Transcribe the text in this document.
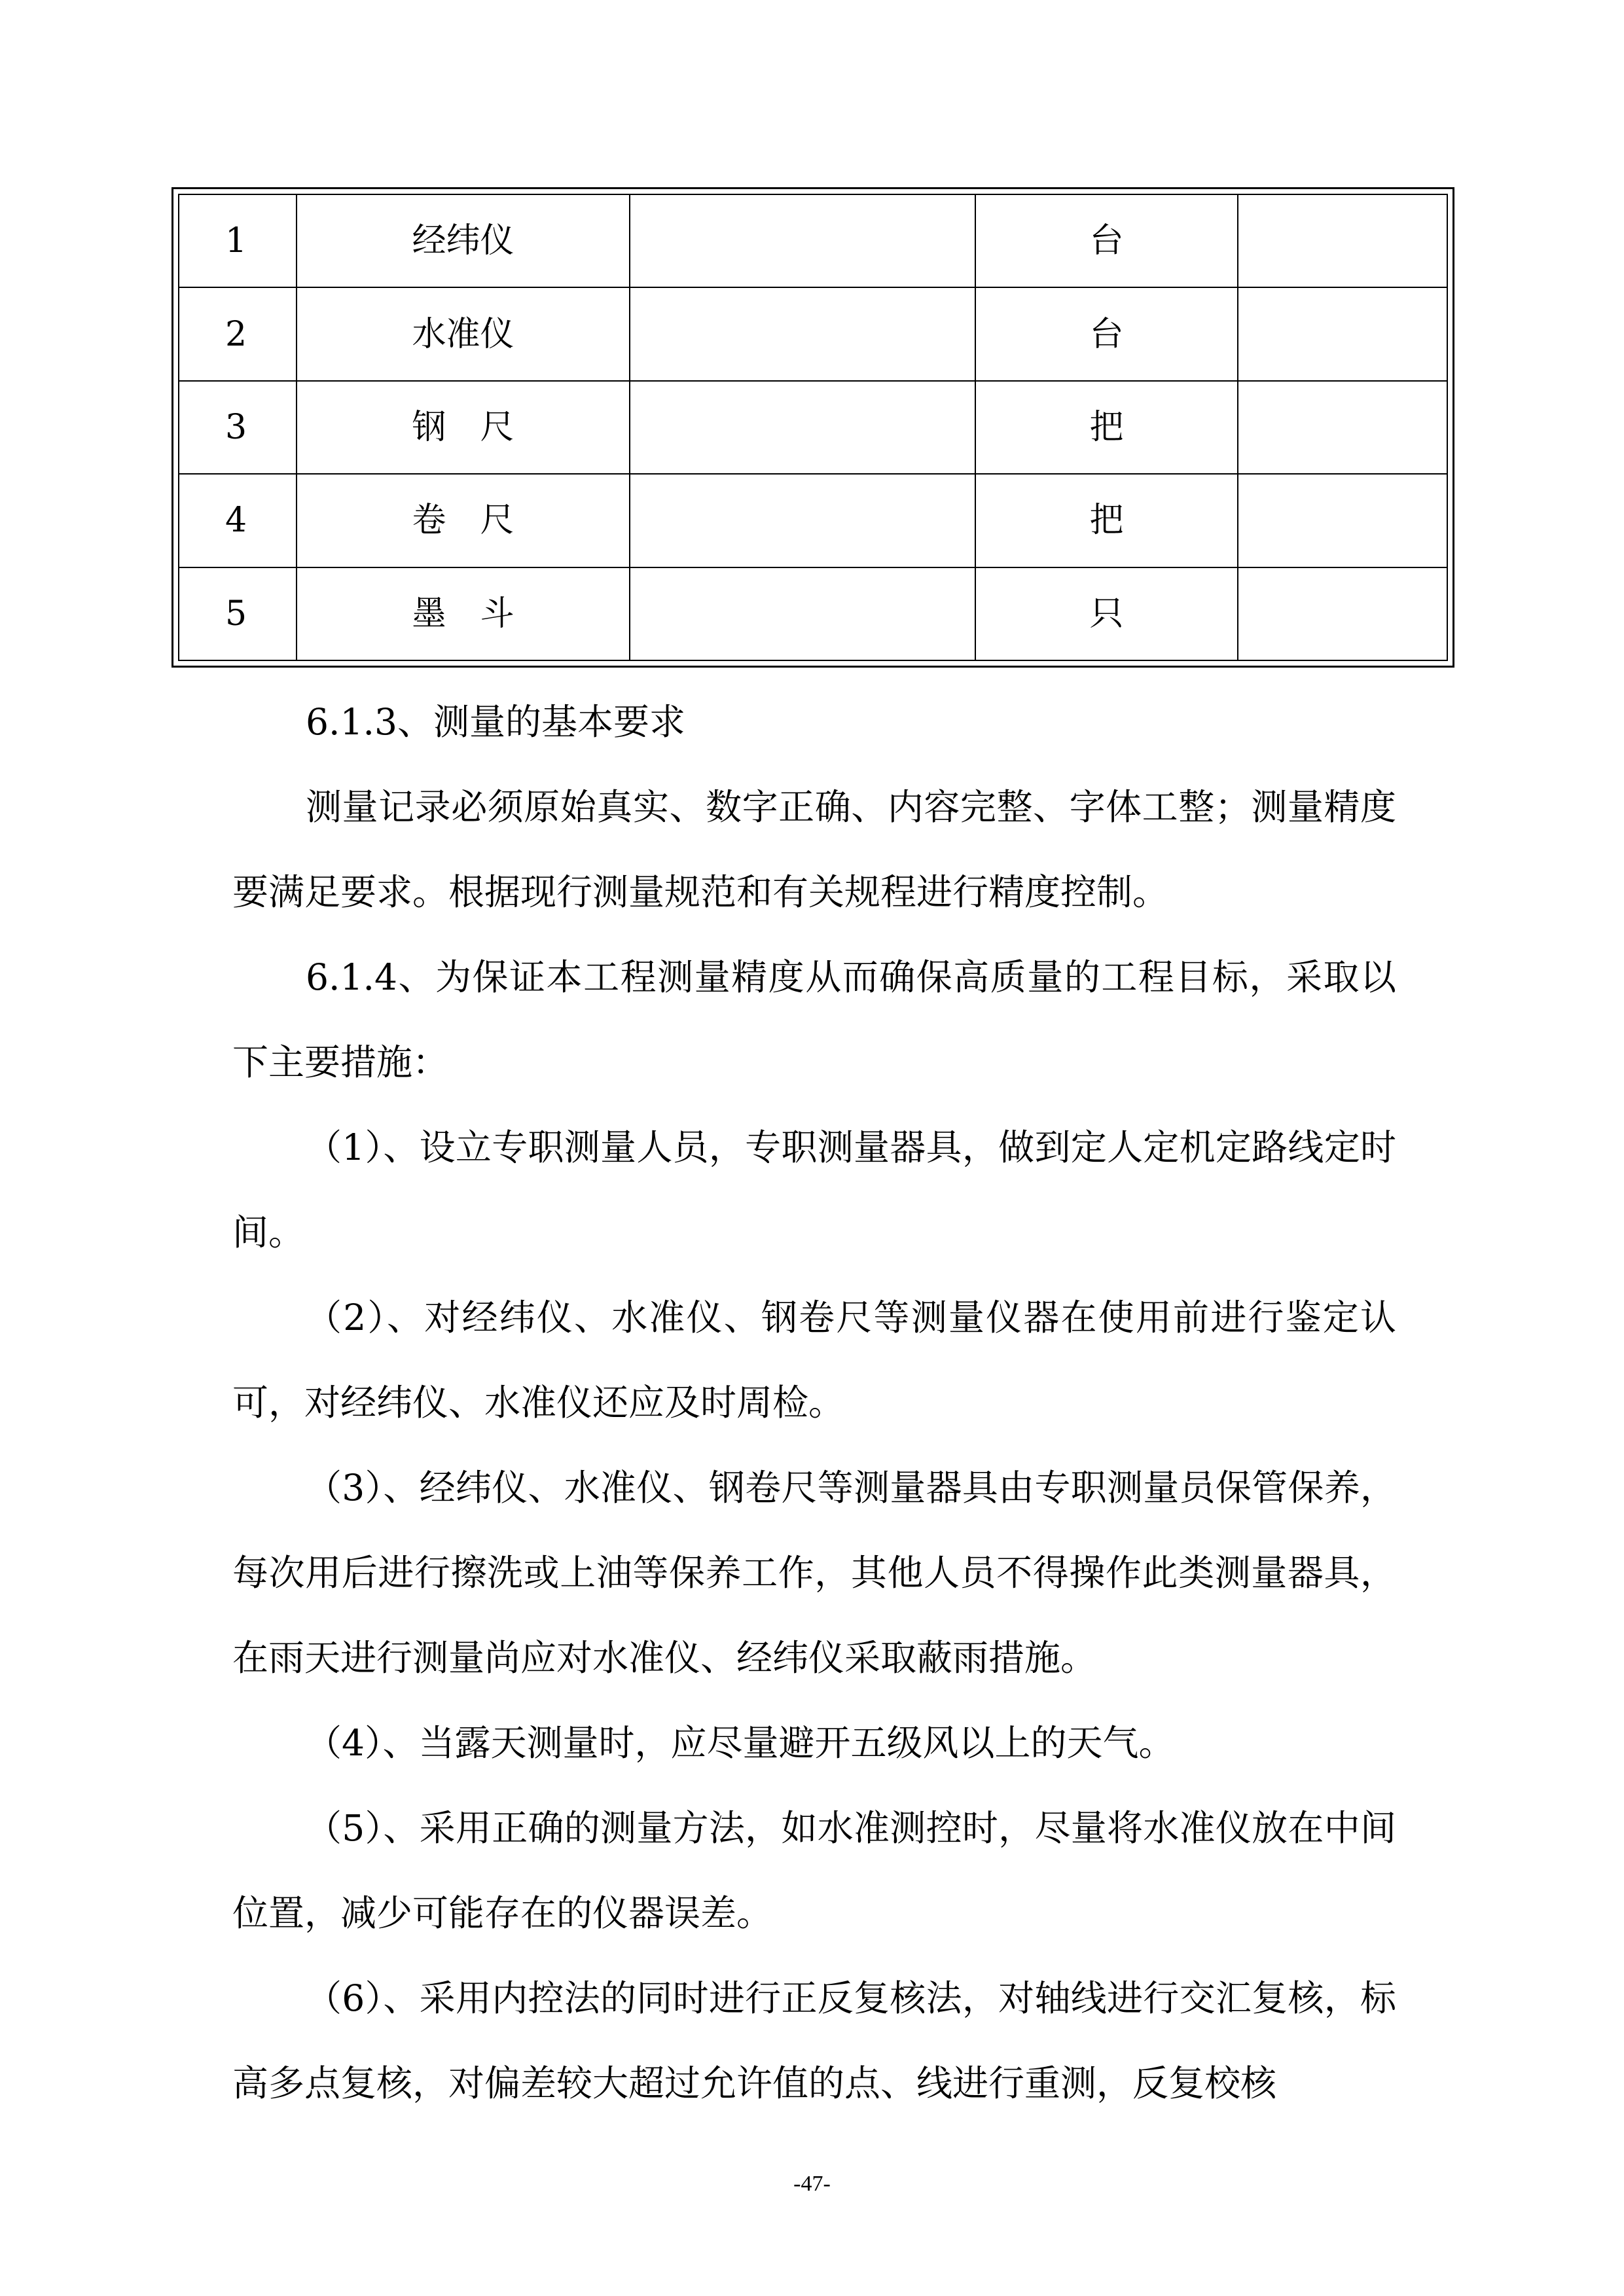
1	经纬仪		台	
2	水准仪		台	
3	钢　尺		把	
4	卷　尺		把	
5	墨　斗		只	

6.1.3、测量的基本要求

测量记录必须原始真实、数字正确、内容完整、字体工整；测量精度要满足要求。根据现行测量规范和有关规程进行精度控制。

6.1.4、为保证本工程测量精度从而确保高质量的工程目标，采取以下主要措施：

（1）、设立专职测量人员，专职测量器具，做到定人定机定路线定时间。

（2）、对经纬仪、水准仪、钢卷尺等测量仪器在使用前进行鉴定认可，对经纬仪、水准仪还应及时周检。

（3）、经纬仪、水准仪、钢卷尺等测量器具由专职测量员保管保养，每次用后进行擦洗或上油等保养工作，其他人员不得操作此类测量器具，在雨天进行测量尚应对水准仪、经纬仪采取蔽雨措施。

（4）、当露天测量时，应尽量避开五级风以上的天气。

（5）、采用正确的测量方法，如水准测控时，尽量将水准仪放在中间位置，减少可能存在的仪器误差。

（6）、采用内控法的同时进行正反复核法，对轴线进行交汇复核，标高多点复核，对偏差较大超过允许值的点、线进行重测，反复校核

-47-
